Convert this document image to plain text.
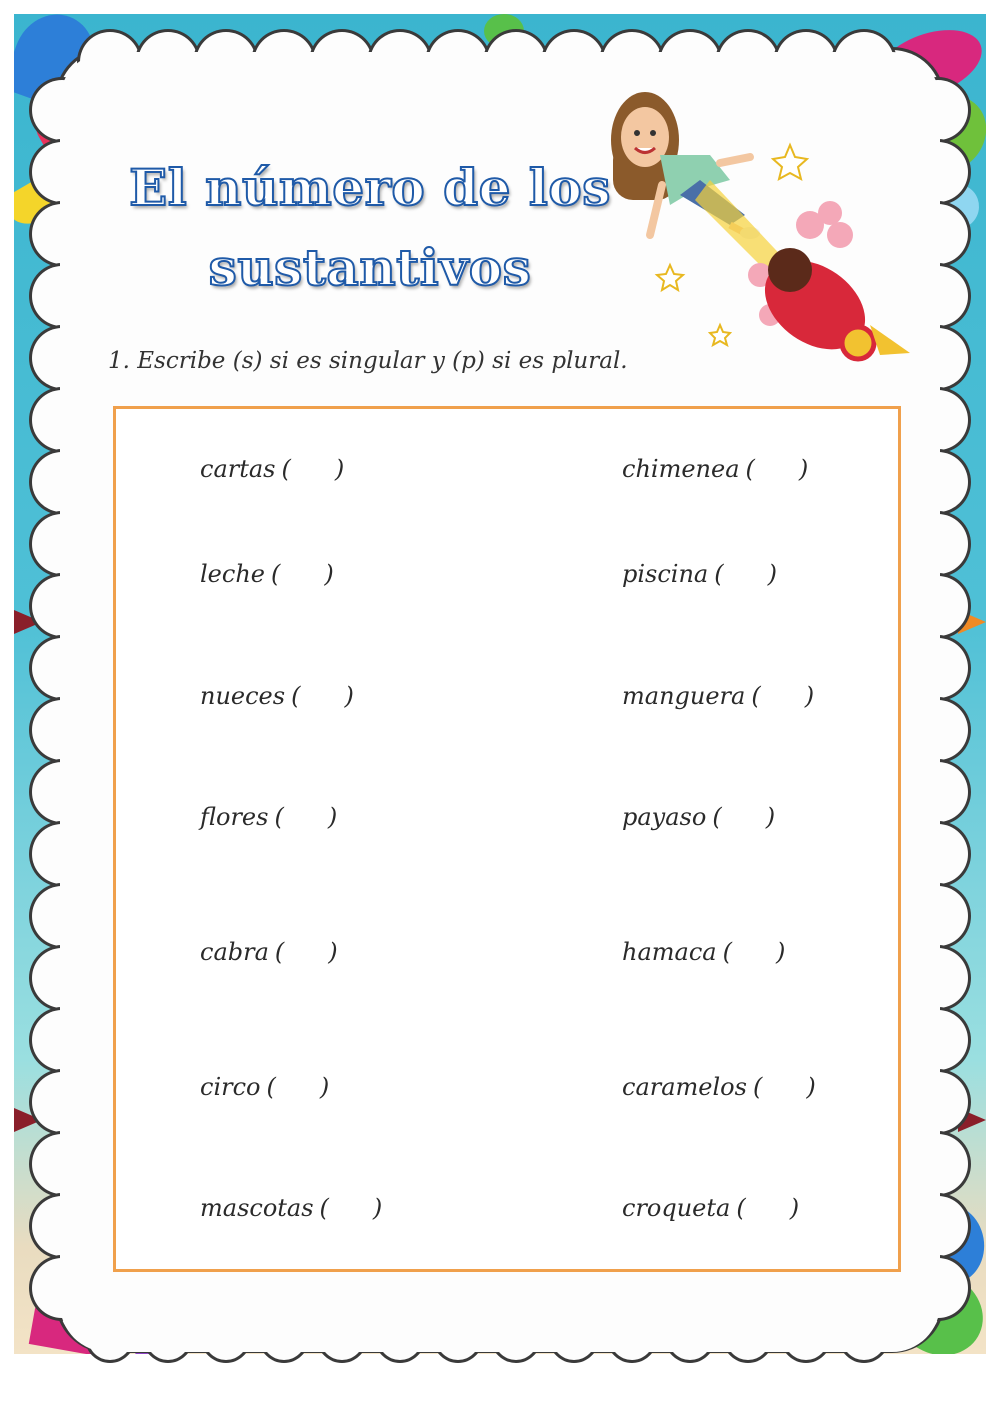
El número de los
sustantivos
1. Escribe (s) si es singular y (p) si es plural.
cartas ( )
leche ( )
nueces ( )
flores ( )
cabra ( )
circo ( )
mascotas ( )
chimenea ( )
piscina ( )
manguera ( )
payaso ( )
hamaca ( )
caramelos ( )
croqueta ( )
